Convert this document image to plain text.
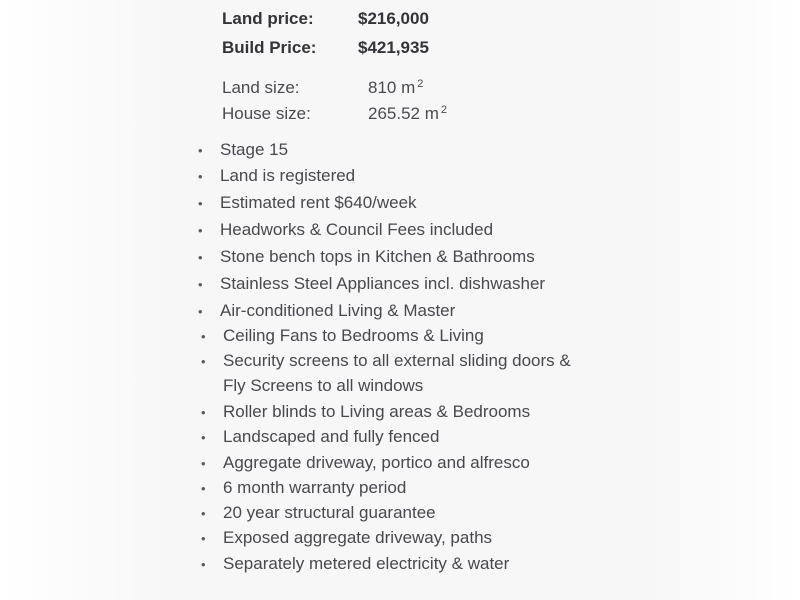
Land price:	$216,000
Build Price: $421,935
Land size:	810 m $^2$
House size:	265.52 m $^2$
• Stage 15
• Land is registered
• Estimated rent $640/week
• Headworks & Council Fees included
• Stone bench tops in Kitchen & Bathrooms
• Stainless Steel Appliances incl. dishwasher
• Air-conditioned Living & Master
• Ceiling Fans to Bedrooms & Living
• Security screens to all external sliding doors &
• Roller blinds to Living areas & Bedrooms
• Landscaped and fully fenced
• Aggregate driveway, portico and alfresco
• 6 month warranty period
• 20 year structural guarantee
• Exposed aggregate driveway, paths
• Separately metered electricity & water
Fly Screens to all windows
